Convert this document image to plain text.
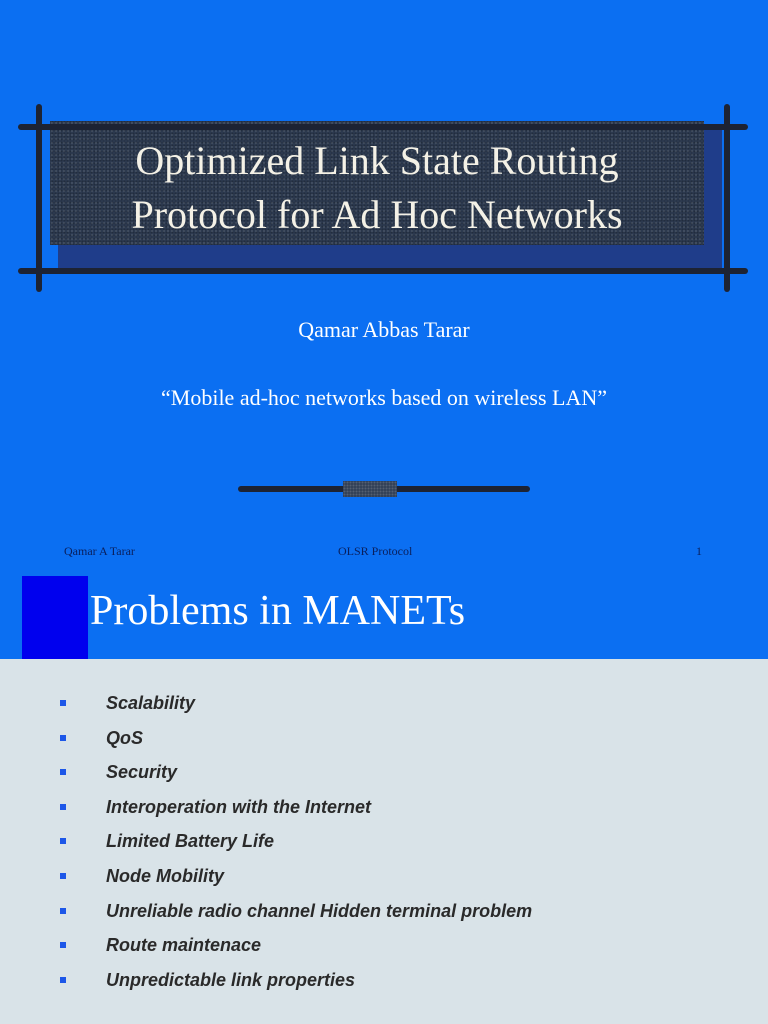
Optimized Link State Routing
Protocol for Ad Hoc Networks
Qamar Abbas Tarar
“Mobile ad-hoc networks based on wireless LAN”
Qamar A Tarar	OLSR Protocol	1
Problems in MANETs
Scalability
QoS
Security
Interoperation with the Internet
Limited Battery Life
Node Mobility
Unreliable radio channel Hidden terminal problem
Route maintenace
Unpredictable link properties
